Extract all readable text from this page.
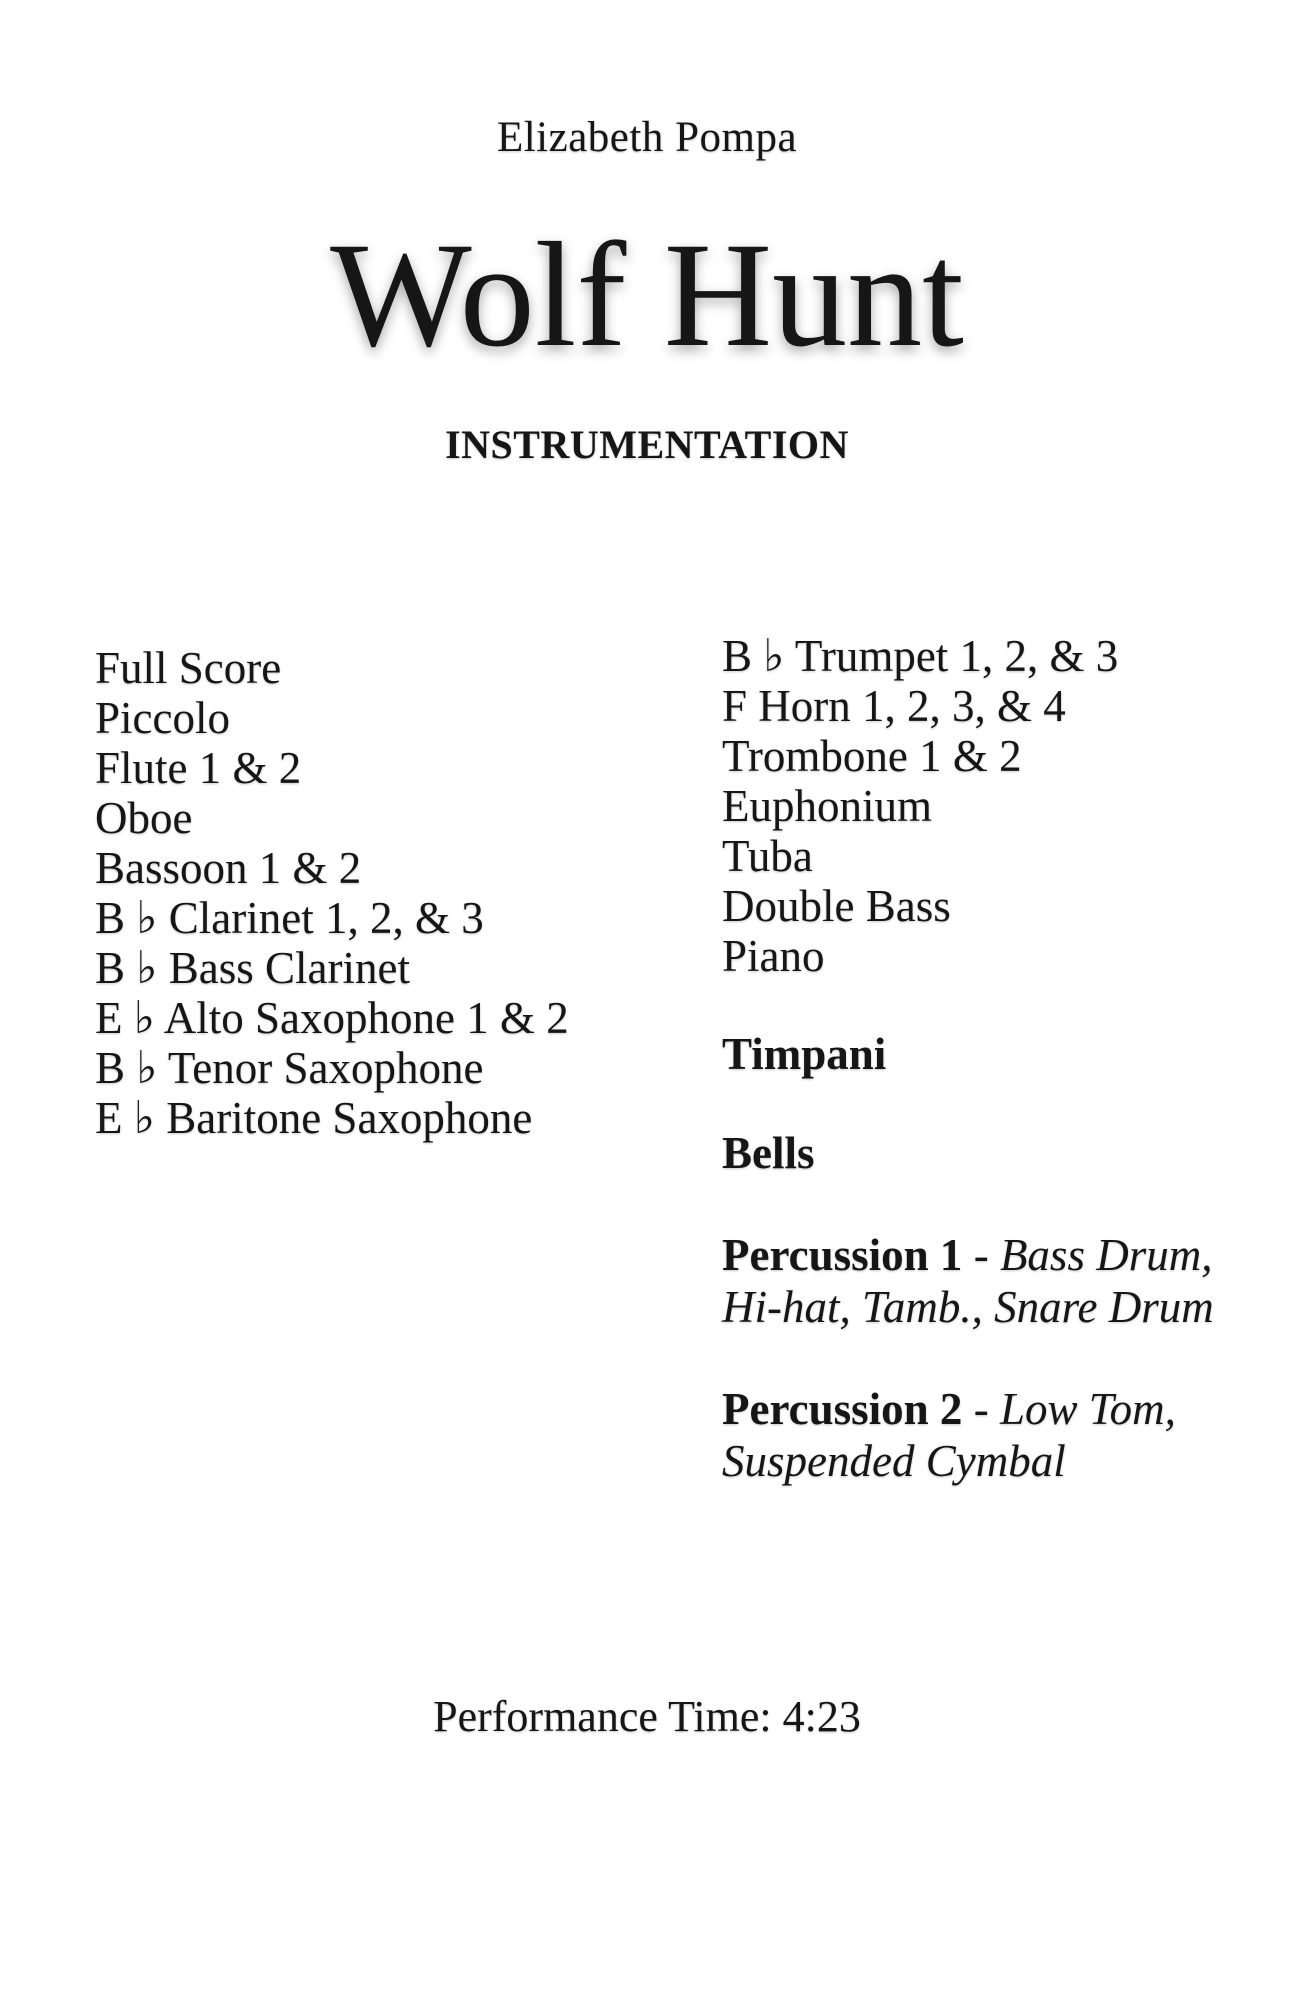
Elizabeth Pompa
Wolf Hunt
INSTRUMENTATION
Full Score
Piccolo
Flute 1 & 2
Oboe
Bassoon 1 & 2
B ♭ Clarinet 1, 2, & 3
B ♭ Bass Clarinet
E ♭ Alto Saxophone 1 & 2
B ♭ Tenor Saxophone
E ♭ Baritone Saxophone
B ♭ Trumpet 1, 2, & 3
F Horn 1, 2, 3, & 4
Trombone 1 & 2
Euphonium
Tuba
Double Bass
Piano
Timpani
Bells

Percussion 1 - Bass Drum,
Hi-hat, Tamb., Snare Drum

Percussion 2 - Low Tom,
Suspended Cymbal

Performance Time: 4:23
